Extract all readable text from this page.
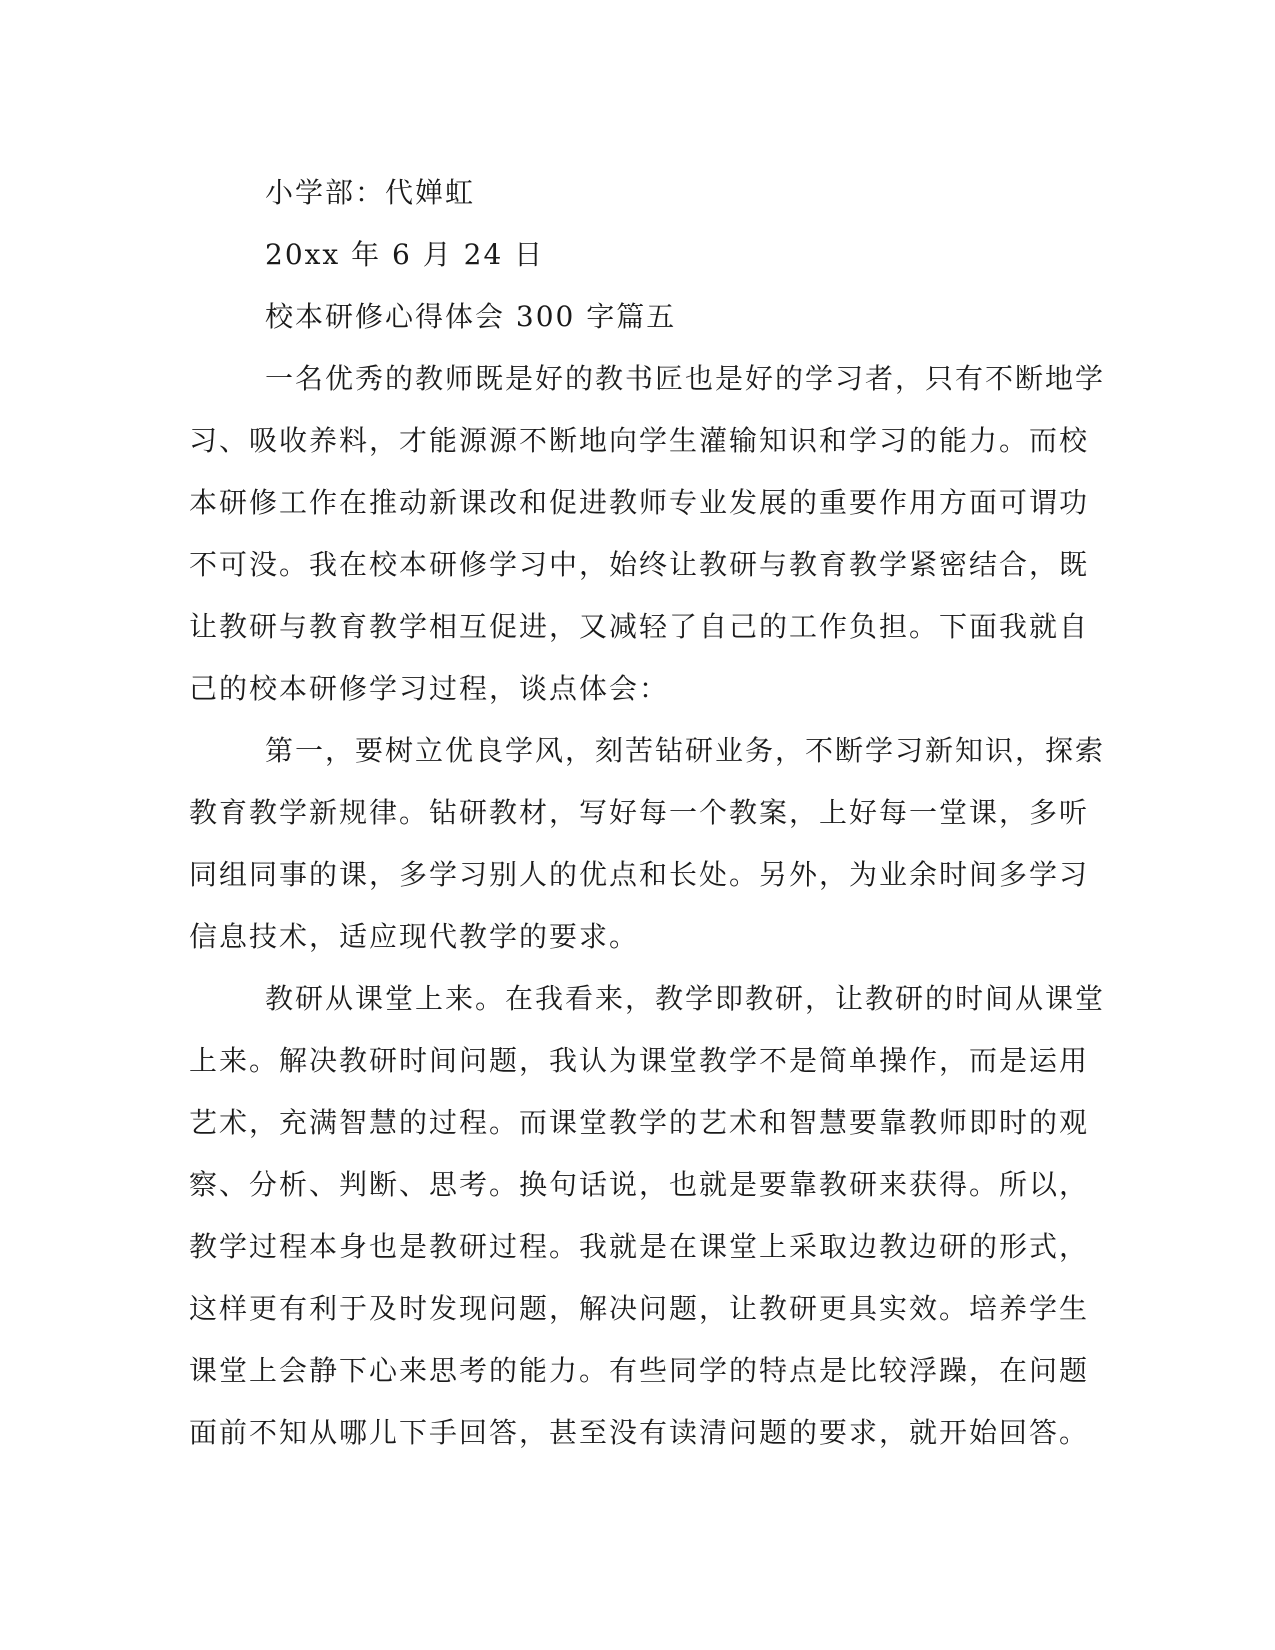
小学部：代婵虹
20xx 年 6 月 24 日
校本研修心得体会 300 字篇五
一名优秀的教师既是好的教书匠也是好的学习者，只有不断地学
习、吸收养料，才能源源不断地向学生灌输知识和学习的能力。而校
本研修工作在推动新课改和促进教师专业发展的重要作用方面可谓功
不可没。我在校本研修学习中，始终让教研与教育教学紧密结合，既
让教研与教育教学相互促进，又减轻了自己的工作负担。下面我就自
己的校本研修学习过程，谈点体会：
第一，要树立优良学风，刻苦钻研业务，不断学习新知识，探索
教育教学新规律。钻研教材，写好每一个教案，上好每一堂课，多听
同组同事的课，多学习别人的优点和长处。另外，为业余时间多学习
信息技术，适应现代教学的要求。
教研从课堂上来。在我看来，教学即教研，让教研的时间从课堂
上来。解决教研时间问题，我认为课堂教学不是简单操作，而是运用
艺术，充满智慧的过程。而课堂教学的艺术和智慧要靠教师即时的观
察、分析、判断、思考。换句话说，也就是要靠教研来获得。所以，
教学过程本身也是教研过程。我就是在课堂上采取边教边研的形式，
这样更有利于及时发现问题，解决问题，让教研更具实效。培养学生
课堂上会静下心来思考的能力。有些同学的特点是比较浮躁，在问题
面前不知从哪儿下手回答，甚至没有读清问题的要求，就开始回答。
